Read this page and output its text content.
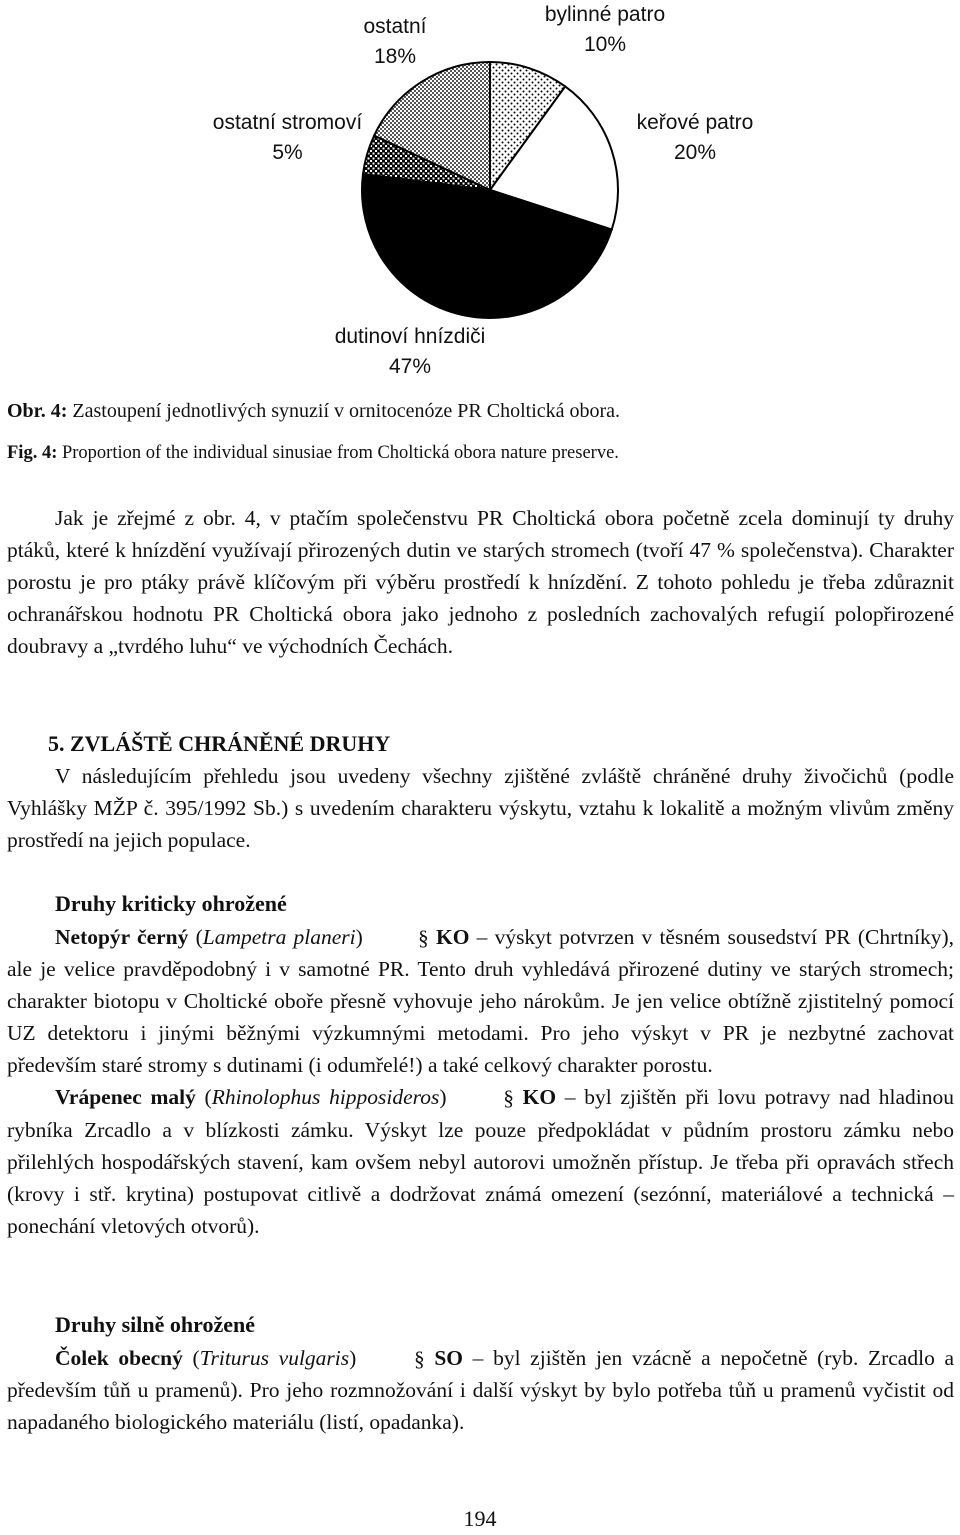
ostatní
18%
bylinné patro
10%
keřové patro
20%
ostatní stromoví
5%
dutinoví hnízdiči
47%
Obr. 4: Zastoupení jednotlivých synuzií v ornitocenóze PR Choltická obora.
Fig. 4: Proportion of the individual sinusiae from Choltická obora nature preserve.

Jak je zřejmé z obr. 4, v ptačím společenstvu PR Choltická obora početně zcela dominují ty druhy ptáků, které k hnízdění využívají přirozených dutin ve starých stromech (tvoří 47 % společenstva). Charakter porostu je pro ptáky právě klíčovým při výběru prostředí k hnízdění. Z tohoto pohledu je třeba zdůraznit ochranářskou hodnotu PR Choltická obora jako jednoho z posledních zachovalých refugií polopřirozené doubravy a „tvrdého luhu“ ve východních Čechách.

5. ZVLÁŠTĚ CHRÁNĚNÉ DRUHY

V následujícím přehledu jsou uvedeny všechny zjištěné zvláště chráněné druhy živočichů (podle Vyhlášky MŽP č. 395/1992 Sb.) s uvedením charakteru výskytu, vztahu k lokalitě a možným vlivům změny prostředí na jejich populace.

Druhy kriticky ohrožené

Netopýr černý (Lampetra planeri) § KO – výskyt potvrzen v těsném sousedství PR (Chrtníky), ale je velice pravděpodobný i v samotné PR. Tento druh vyhledává přirozené dutiny ve starých stromech; charakter biotopu v Choltické oboře přesně vyhovuje jeho nárokům. Je jen velice obtížně zjistitelný pomocí UZ detektoru i jinými běžnými výzkumnými metodami. Pro jeho výskyt v PR je nezbytné zachovat především staré stromy s dutinami (i odumřelé!) a také celkový charakter porostu.

Vrápenec malý (Rhinolophus hipposideros) § KO – byl zjištěn při lovu potravy nad hladinou rybníka Zrcadlo a v blízkosti zámku. Výskyt lze pouze předpokládat v půdním prostoru zámku nebo přilehlých hospodářských stavení, kam ovšem nebyl autorovi umožněn přístup. Je třeba při opravách střech (krovy i stř. krytina) postupovat citlivě a dodržovat známá omezení (sezónní, materiálové a technická – ponechání vletových otvorů).

Druhy silně ohrožené

Čolek obecný (Triturus vulgaris) § SO – byl zjištěn jen vzácně a nepočetně (ryb. Zrcadlo a především tůň u pramenů). Pro jeho rozmnožování i další výskyt by bylo potřeba tůň u pramenů vyčistit od napadaného biologického materiálu (listí, opadanka).

194
